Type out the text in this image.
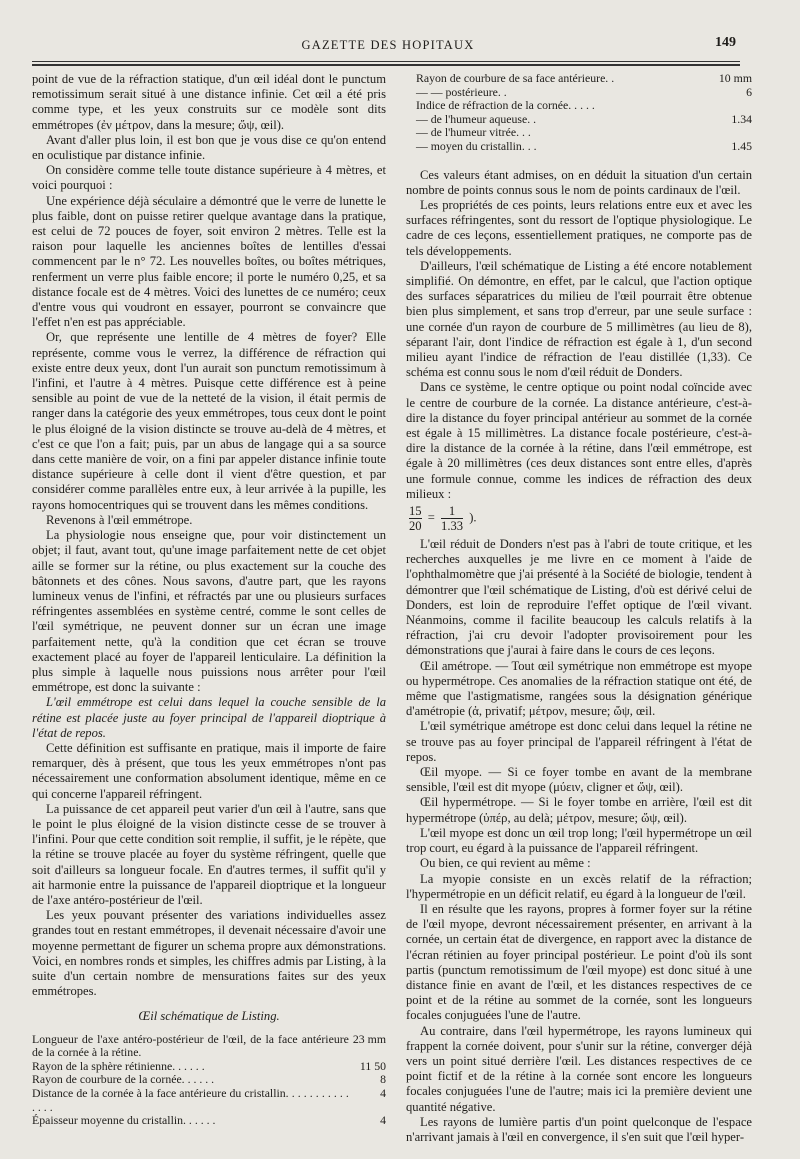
GAZETTE DES HOPITAUX	149

point de vue de la réfraction statique, d'un œil idéal dont le punctum remotissimum serait situé à une distance infinie. Cet œil a été pris comme type, et les yeux construits sur ce modèle sont dits emmétropes (ἐν μέτρον, dans la mesure; ὤψ, œil).

Avant d'aller plus loin, il est bon que je vous dise ce qu'on entend en oculistique par distance infinie.

On considère comme telle toute distance supérieure à 4 mètres, et voici pourquoi :

Une expérience déjà séculaire a démontré que le verre de lunette le plus faible, dont on puisse retirer quelque avantage dans la pratique, est celui de 72 pouces de foyer, soit environ 2 mètres. Telle est la raison pour laquelle les anciennes boîtes de lentilles d'essai commencent par le n° 72. Les nouvelles boîtes, ou boîtes métriques, renferment un verre plus faible encore; il porte le numéro 0,25, et sa distance focale est de 4 mètres. Voici des lunettes de ce numéro; ceux d'entre vous qui voudront en essayer, pourront se convaincre que l'effet n'en est pas appréciable.

Or, que représente une lentille de 4 mètres de foyer? Elle représente, comme vous le verrez, la différence de réfraction qui existe entre deux yeux, dont l'un aurait son punctum remotissimum à l'infini, et l'autre à 4 mètres. Puisque cette différence est à peine sensible au point de vue de la netteté de la vision, il était permis de ranger dans la catégorie des yeux emmétropes, tous ceux dont le point le plus éloigné de la vision distincte se trouve au-delà de 4 mètres, et c'est ce que l'on a fait; puis, par un abus de langage qui a sa source dans cette manière de voir, on a fini par appeler distance infinie toute distance supérieure à celle dont il vient d'être question, et par considérer comme parallèles entre eux, à leur arrivée à la pupille, les rayons homocentriques qui se trouvent dans les mêmes conditions.

Revenons à l'œil emmétrope.

La physiologie nous enseigne que, pour voir distinctement un objet; il faut, avant tout, qu'une image parfaitement nette de cet objet aille se former sur la rétine, ou plus exactement sur la couche des bâtonnets et des cônes. Nous savons, d'autre part, que les rayons lumineux venus de l'infini, et réfractés par une ou plusieurs surfaces réfringentes assemblées en système centré, comme le sont celles de l'œil symétrique, ne peuvent donner sur un écran une image parfaitement nette, qu'à la condition que cet écran se trouve exactement placé au foyer de l'appareil lenticulaire. La définition la plus simple à laquelle nous puissions nous arrêter pour l'œil emmétrope, est donc la suivante :

L'œil emmétrope est celui dans lequel la couche sensible de la rétine est placée juste au foyer principal de l'appareil dioptrique à l'état de repos.

Cette définition est suffisante en pratique, mais il importe de faire remarquer, dès à présent, que tous les yeux emmétropes n'ont pas nécessairement une conformation absolument identique, même en ce qui concerne l'appareil réfringent.

La puissance de cet appareil peut varier d'un œil à l'autre, sans que le point le plus éloigné de la vision distincte cesse de se trouver à l'infini. Pour que cette condition soit remplie, il suffit, je le répète, que la rétine se trouve placée au foyer du système réfringent, quelle que soit d'ailleurs sa longueur focale. En d'autres termes, il suffit qu'il y ait harmonie entre la puissance de l'appareil dioptrique et la longueur de l'axe antéro-postérieur de l'œil.

Les yeux pouvant présenter des variations individuelles assez grandes tout en restant emmétropes, il devenait nécessaire d'avoir une moyenne permettant de figurer un schema propre aux démonstrations. Voici, en nombres ronds et simples, les chiffres admis par Listing, à la suite d'un certain nombre de mensurations faites sur des yeux emmétropes.

Œil schématique de Listing.

Longueur de l'axe antéro-postérieur de l'œil, de la face antérieure de la cornée à la rétine.	23 mm
Rayon de la sphère rétinienne. . . . . .	11 50
Rayon de courbure de la cornée. . . . . .	8
Distance de la cornée à la face antérieure du cristallin. . . . . . . . . . . . . . .	4
Épaisseur moyenne du cristallin. . . . . .	4
Rayon de courbure de sa face antérieure. .	10 mm
— — postérieure. .	6
Indice de réfraction de la cornée. . . . .	
— de l'humeur aqueuse. .	1.34
— de l'humeur vitrée. . .	
— moyen du cristallin. . .	1.45

Ces valeurs étant admises, on en déduit la situation d'un certain nombre de points connus sous le nom de points cardinaux de l'œil.

Les propriétés de ces points, leurs relations entre eux et avec les surfaces réfringentes, sont du ressort de l'optique physiologique. Le cadre de ces leçons, essentiellement pratiques, ne comporte pas de tels développements.

D'ailleurs, l'œil schématique de Listing a été encore notablement simplifié. On démontre, en effet, par le calcul, que l'action optique des surfaces séparatrices du milieu de l'œil pourrait être obtenue bien plus simplement, et sans trop d'erreur, par une seule surface : une cornée d'un rayon de courbure de 5 millimètres (au lieu de 8), séparant l'air, dont l'indice de réfraction est égale à 1, d'un second milieu ayant l'indice de réfraction de l'eau distillée (1,33). Ce schéma est connu sous le nom d'œil réduit de Donders.

Dans ce système, le centre optique ou point nodal coïncide avec le centre de courbure de la cornée. La distance antérieure, c'est-à-dire la distance du foyer principal antérieur au sommet de la cornée est égale à 15 millimètres. La distance focale postérieure, c'est-à-dire la distance de la cornée à la rétine, dans l'œil emmétrope, est égale à 20 millimètres (ces deux distances sont entre elles, d'après une formule connue, comme les indices de réfraction des deux milieux :

$\frac{15}{20} = \frac{1}{1.33}$ ).

L'œil réduit de Donders n'est pas à l'abri de toute critique, et les recherches auxquelles je me livre en ce moment à l'aide de l'ophthalmomètre que j'ai présenté à la Société de biologie, tendent à démontrer que l'œil schématique de Listing, d'où est dérivé celui de Donders, est loin de reproduire l'effet optique de l'œil vivant. Néanmoins, comme il facilite beaucoup les calculs relatifs à la réfraction, j'ai cru devoir l'adopter provisoirement pour les démonstrations que j'aurai à faire dans le cours de ces leçons.

Œil amétrope. — Tout œil symétrique non emmétrope est myope ou hypermétrope. Ces anomalies de la réfraction statique ont été, de même que l'astigmatisme, rangées sous la désignation générique d'amétropie (ἀ, privatif; μέτρον, mesure; ὤψ, œil.

L'œil symétrique amétrope est donc celui dans lequel la rétine ne se trouve pas au foyer principal de l'appareil réfringent à l'état de repos.

Œil myope. — Si ce foyer tombe en avant de la membrane sensible, l'œil est dit myope (μύειν, cligner et ὤψ, œil).

Œil hypermétrope. — Si le foyer tombe en arrière, l'œil est dit hypermétrope (ὑπέρ, au delà; μέτρον, mesure; ὤψ, œil).

L'œil myope est donc un œil trop long; l'œil hypermétrope un œil trop court, eu égard à la puissance de l'appareil réfringent.

Ou bien, ce qui revient au même :

La myopie consiste en un excès relatif de la réfraction; l'hypermétropie en un déficit relatif, eu égard à la longueur de l'œil.

Il en résulte que les rayons, propres à former foyer sur la rétine de l'œil myope, devront nécessairement présenter, en arrivant à la cornée, un certain état de divergence, en rapport avec la distance de l'écran rétinien au foyer principal postérieur. Le point d'où ils sont partis (punctum remotissimum de l'œil myope) est donc situé à une distance finie en avant de l'œil, et les distances respectives de ce point et de la rétine au sommet de la cornée, sont les longueurs focales conjuguées l'une de l'autre.

Au contraire, dans l'œil hypermétrope, les rayons lumineux qui frappent la cornée doivent, pour s'unir sur la rétine, converger déjà vers un point situé derrière l'œil. Les distances respectives de ce point fictif et de la rétine à la cornée sont encore les longueurs focales conjuguées l'une de l'autre; mais ici la première devient une quantité négative.

Les rayons de lumière partis d'un point quelconque de l'espace n'arrivant jamais à l'œil en convergence, il s'en suit que l'œil hyper-
